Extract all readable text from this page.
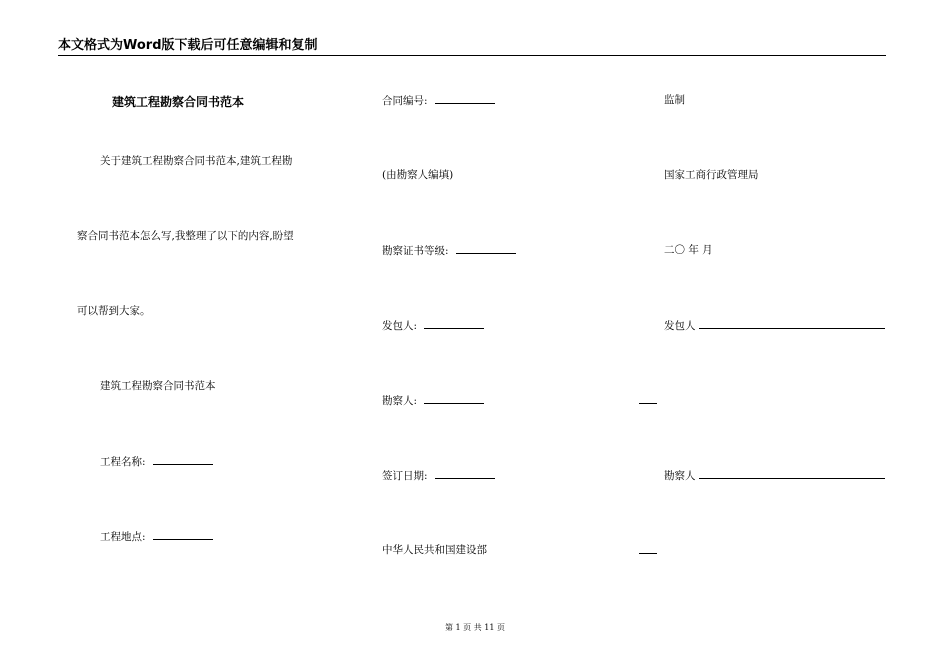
本文格式为Word版下载后可任意编辑和复制
建筑工程勘察合同书范本
关于建筑工程勘察合同书范本,建筑工程勘
察合同书范本怎么写,我整理了以下的内容,盼望
可以帮到大家。
建筑工程勘察合同书范本
工程名称:
工程地点:
合同编号:
(由勘察人编填)
勘察证书等级:
发包人:
勘察人:
签订日期:
中华人民共和国建设部
监制
国家工商行政管理局
二〇 年 月
发包人
勘察人
第 1 页 共 11 页
